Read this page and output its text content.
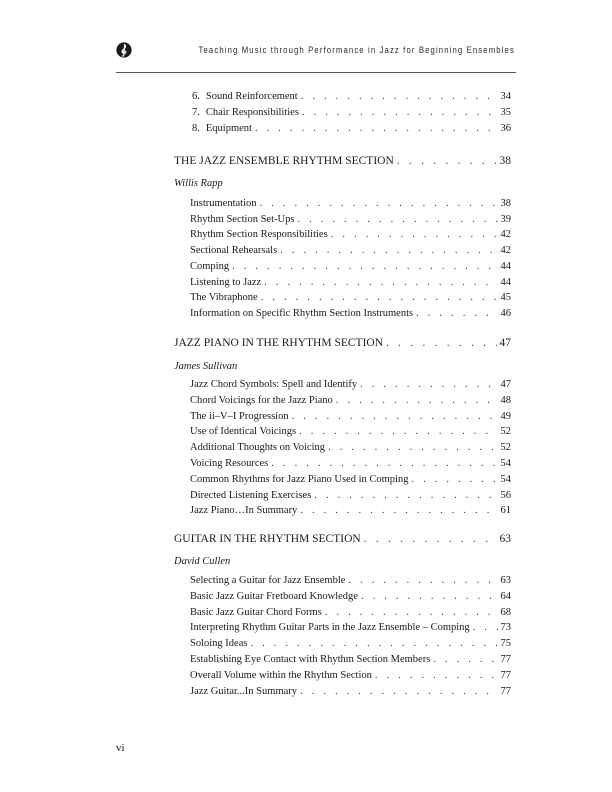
Teaching Music through Performance in Jazz for Beginning Ensembles
6. Sound Reinforcement . . .	34
7. Chair Responsibilities . . .	35
8. Equipment . . .	36
THE JAZZ ENSEMBLE RHYTHM SECTION . . .	38
Willis Rapp
Instrumentation . . .	38
Rhythm Section Set-Ups . . .	39
Rhythm Section Responsibilities . . .	42
Sectional Rehearsals . . .	42
Comping . . .	44
Listening to Jazz . . .	44
The Vibraphone . . .	45
Information on Specific Rhythm Section Instruments . . .	46
JAZZ PIANO IN THE RHYTHM SECTION . . .	47
James Sullivan
Jazz Chord Symbols: Spell and Identify . . .	47
Chord Voicings for the Jazz Piano . . .	48
The ii–V–I Progression . . .	49
Use of Identical Voicings . . .	52
Additional Thoughts on Voicing . . .	52
Voicing Resources . . .	54
Common Rhythms for Jazz Piano Used in Comping . . .	54
Directed Listening Exercises . . .	56
Jazz Piano…In Summary . . .	61
GUITAR IN THE RHYTHM SECTION . . .	63
David Cullen
Selecting a Guitar for Jazz Ensemble . . .	63
Basic Jazz Guitar Fretboard Knowledge . . .	64
Basic Jazz Guitar Chord Forms . . .	68
Interpreting Rhythm Guitar Parts in the Jazz Ensemble – Comping . . .	73
Soloing Ideas . . .	75
Establishing Eye Contact with Rhythm Section Members . . .	77
Overall Volume within the Rhythm Section . . .	77
Jazz Guitar...In Summary . . .	77
vi
